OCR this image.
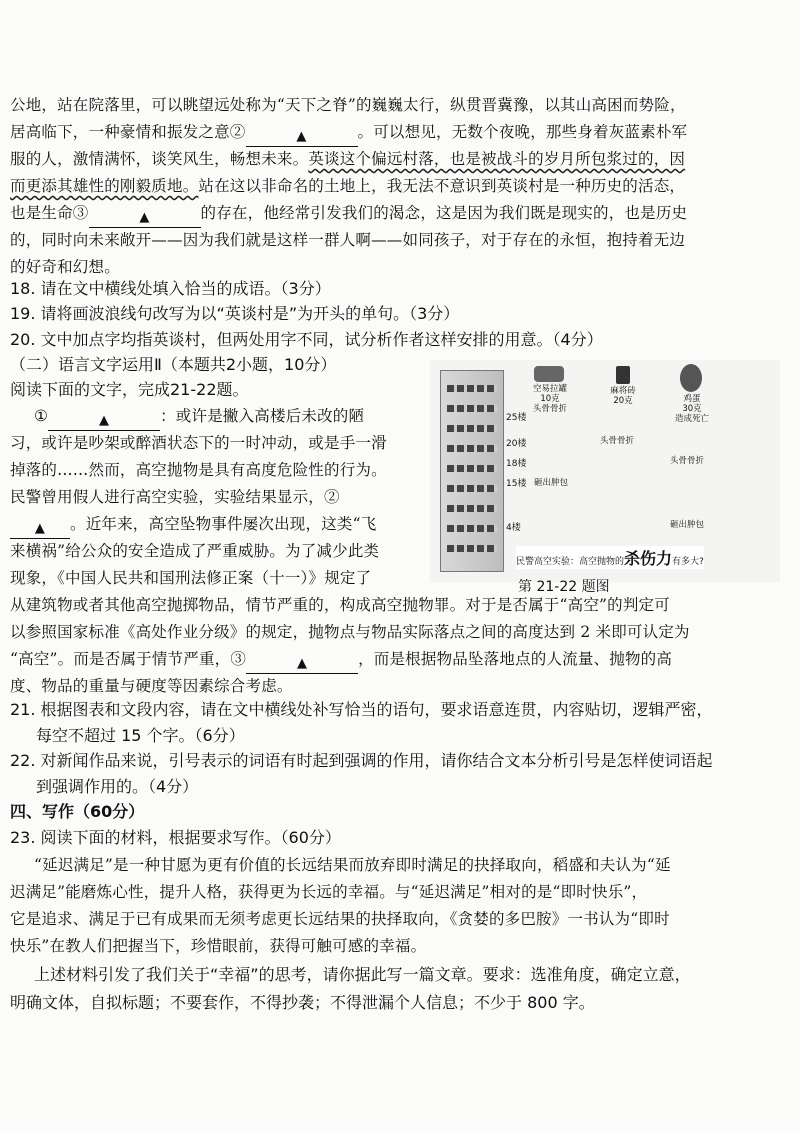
公地，站在院落里，可以眺望远处称为“天下之脊”的巍巍太行，纵贯晋冀豫，以其山高困而势险，
居高临下，一种豪情和振发之意②	▲	。可以想见，无数个夜晚，那些身着灰蓝素朴军
服的人，激情满怀，谈笑风生，畅想未来。英谈这个偏远村落，也是被战斗的岁月所包浆过的，因
而更添其雄性的刚毅质地。站在这以非命名的土地上，我无法不意识到英谈村是一种历史的活态，
也是生命③	▲	的存在，他经常引发我们的渴念，这是因为我们既是现实的，也是历史
的，同时向未来敞开——因为我们就是这样一群人啊——如同孩子，对于存在的永恒，抱持着无边
的好奇和幻想。
18. 请在文中横线处填入恰当的成语。（3分）
19. 请将画波浪线句改写为以“英谈村是”为开头的单句。（3分）
20. 文中加点字均指英谈村，但两处用字不同，试分析作者这样安排的用意。（4分）
（二）语言文字运用Ⅱ（本题共2小题，10分）
阅读下面的文字，完成21-22题。
①	▲	：或许是撇入高楼后未改的陋
习，或许是吵架或醉酒状态下的一时冲动，或是手一滑
掉落的……然而，高空抛物是具有高度危险性的行为。
民警曾用假人进行高空实验，实验结果显示，②
▲ 。近年来，高空坠物事件屡次出现，这类“飞
来横祸”给公众的安全造成了严重威胁。为了减少此类
现象，《中国人民共和国刑法修正案（十一）》规定了
从建筑物或者其他高空抛掷物品，情节严重的，构成高空抛物罪。对于是否属于“高空”的判定可
以参照国家标准《高处作业分级》的规定，抛物点与物品实际落点之间的高度达到 2 米即可认定为
“高空”。而是否属于情节严重，③	▲	，而是根据物品坠落地点的人流量、抛物的高
度、物品的重量与硬度等因素综合考虑。
25楼
20楼
18楼
15楼
4楼
空易拉罐
10克
头骨骨折
麻将砖
20克	鸡蛋
30克
造成死亡
头骨骨折
头骨骨折
砸出肿包
砸出肿包
民警高空实验：高空抛物的杀伤力有多大?
第 21-22 题图
21. 根据图表和文段内容，请在文中横线处补写恰当的语句，要求语意连贯，内容贴切，逻辑严密，
每空不超过 15 个字。（6分）
22. 对新闻作品来说，引号表示的词语有时起到强调的作用，请你结合文本分析引号是怎样使词语起
到强调作用的。（4分）
四、写作（60分）
23. 阅读下面的材料，根据要求写作。（60分）
“延迟满足”是一种甘愿为更有价值的长远结果而放弃即时满足的抉择取向，稻盛和夫认为“延
迟满足”能磨炼心性，提升人格，获得更为长远的幸福。与“延迟满足”相对的是“即时快乐”，
它是追求、满足于已有成果而无须考虑更长远结果的抉择取向，《贪婪的多巴胺》一书认为“即时
快乐”在教人们把握当下，珍惜眼前，获得可触可感的幸福。
上述材料引发了我们关于“幸福”的思考，请你据此写一篇文章。要求：选准角度，确定立意，
明确文体，自拟标题；不要套作，不得抄袭；不得泄漏个人信息；不少于 800 字。
